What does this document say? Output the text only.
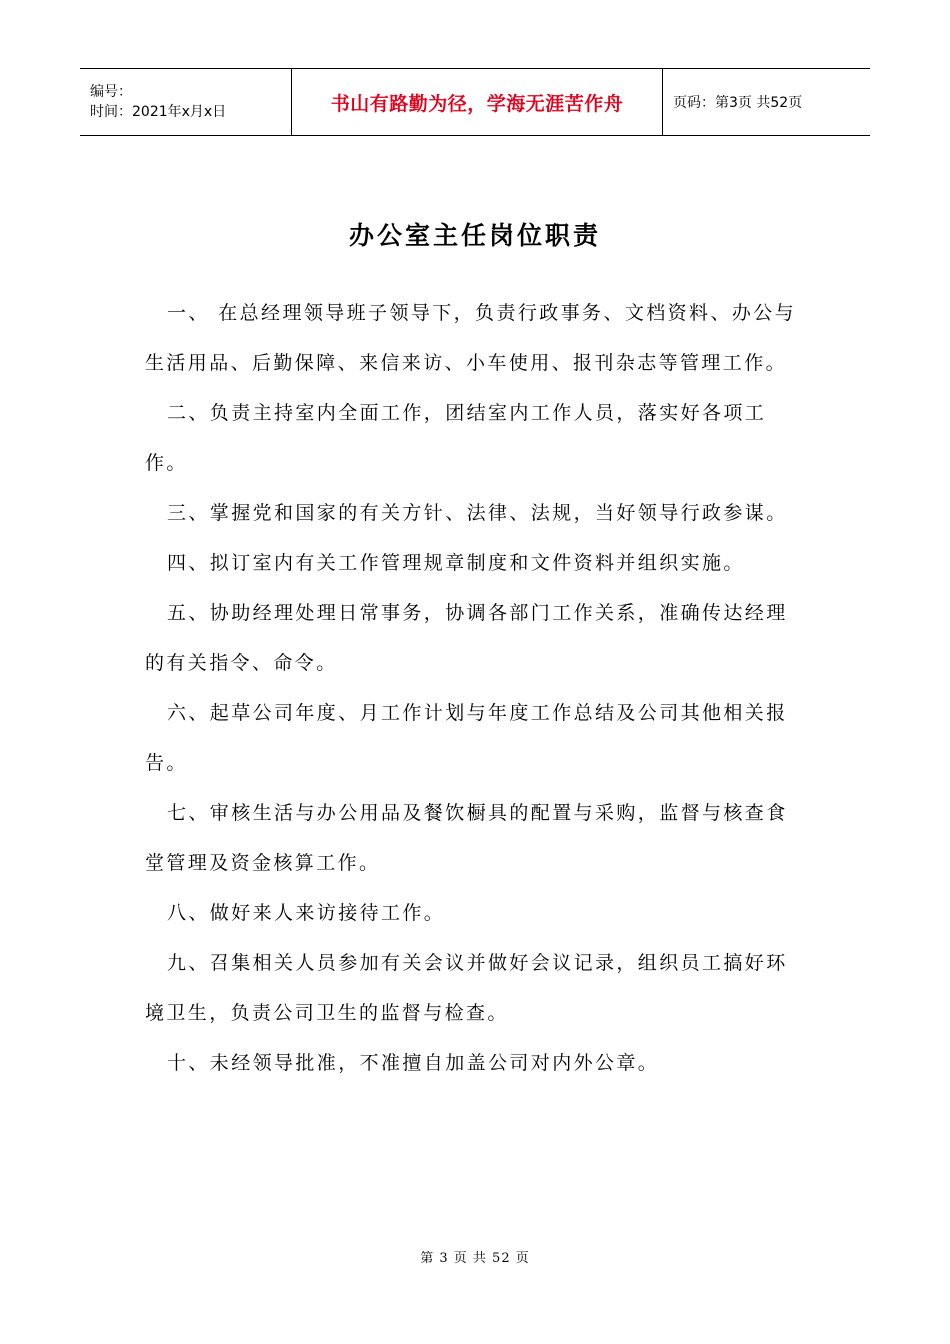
编号：
时间：2021年x月x日	书山有路勤为径，学海无涯苦作舟	页码：第3页 共52页
办公室主任岗位职责

一、 在总经理领导班子领导下，负责行政事务、文档资料、办公与生活用品、后勤保障、来信来访、小车使用、报刊杂志等管理工作。

二、负责主持室内全面工作，团结室内工作人员，落实好各项工作。

三、掌握党和国家的有关方针、法律、法规，当好领导行政参谋。

四、拟订室内有关工作管理规章制度和文件资料并组织实施。

五、协助经理处理日常事务，协调各部门工作关系，准确传达经理的有关指令、命令。

六、起草公司年度、月工作计划与年度工作总结及公司其他相关报告。

七、审核生活与办公用品及餐饮橱具的配置与采购，监督与核查食堂管理及资金核算工作。

八、做好来人来访接待工作。

九、召集相关人员参加有关会议并做好会议记录，组织员工搞好环境卫生，负责公司卫生的监督与检查。

十、未经领导批准，不准擅自加盖公司对内外公章。

第 3 页 共 52 页
